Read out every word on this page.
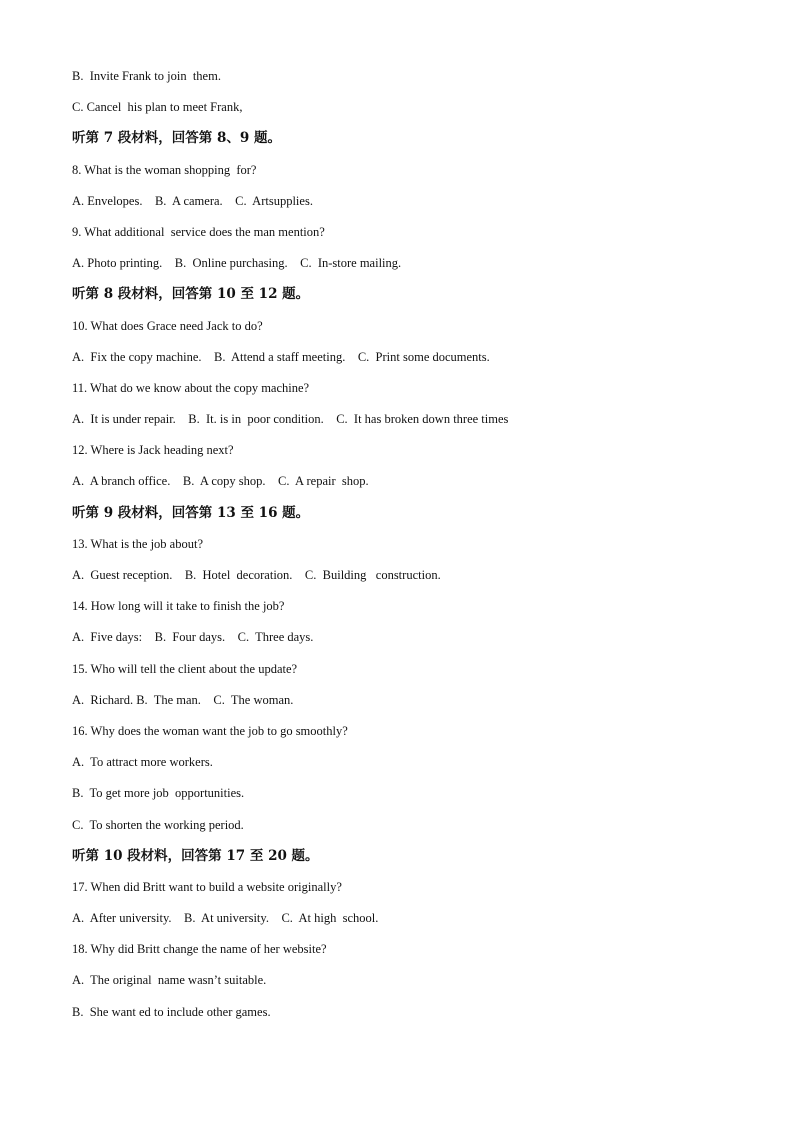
B.  Invite Frank to join  them.
C. Cancel  his plan to meet Frank,
听第 7 段材料，回答第 8、9 题。
8. What is the woman shopping  for?
A. Envelopes.    B.  A camera.    C.  Artsupplies.
9. What additional  service does the man mention?
A. Photo printing.    B.  Online purchasing.    C.  In-store mailing.
听第 8 段材料，回答第 10 至 12 题。
10. What does Grace need Jack to do?
A.  Fix the copy machine.    B.  Attend a staff meeting.    C.  Print some documents.
11. What do we know about the copy machine?
A.  It is under repair.    B.  It. is in  poor condition.    C.  It has broken down three times
12. Where is Jack heading next?
A.  A branch office.    B.  A copy shop.    C.  A repair  shop.
听第 9 段材料，回答第 13 至 16 题。
13. What is the job about?
A.  Guest reception.    B.  Hotel  decoration.    C.  Building   construction.
14. How long will it take to finish the job?
A.  Five days:    B.  Four days.    C.  Three days.
15. Who will tell the client about the update?
A.  Richard. B.  The man.    C.  The woman.
16. Why does the woman want the job to go smoothly?
A.  To attract more workers.
B.  To get more job  opportunities.
C.  To shorten the working period.
听第 10 段材料，回答第 17 至 20 题。
17. When did Britt want to build a website originally?
A.  After university.    B.  At university.    C.  At high  school.
18. Why did Britt change the name of her website?
A.  The original  name wasn’t suitable.
B.  She want ed to include other games.
